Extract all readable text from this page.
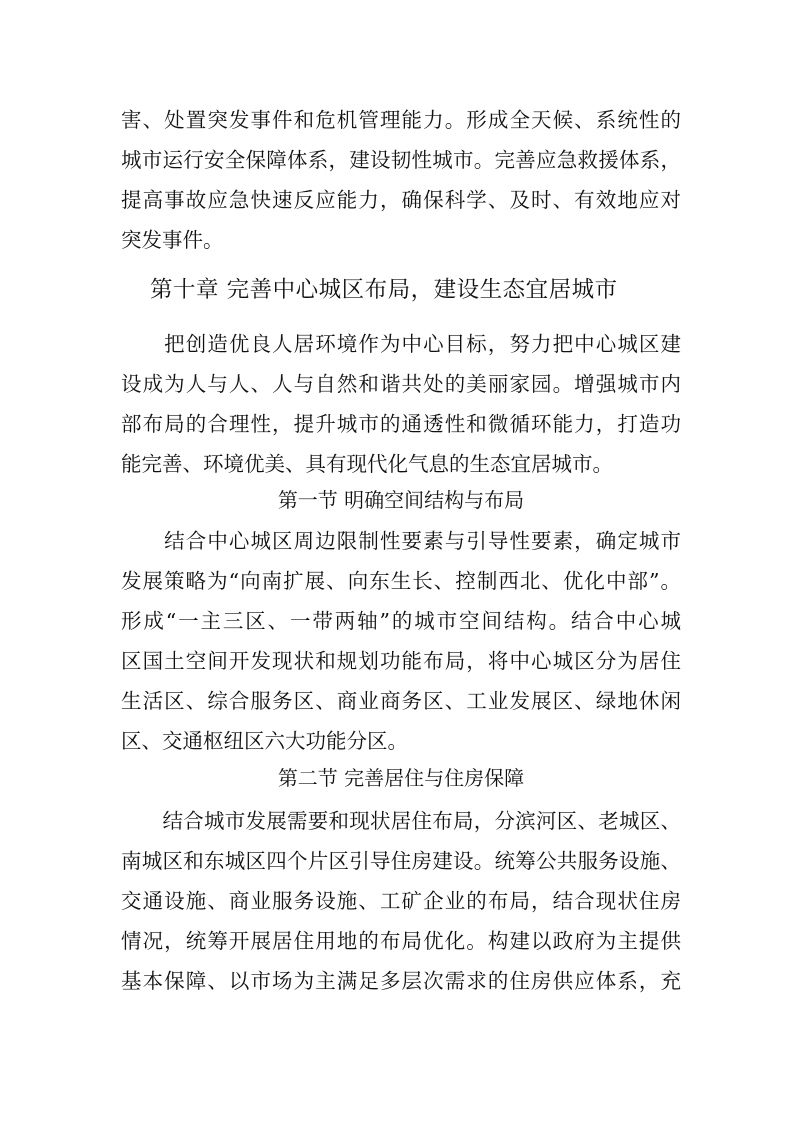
害、处置突发事件和危机管理能力。形成全天候、系统性的
城市运行安全保障体系，建设韧性城市。完善应急救援体系，
提高事故应急快速反应能力，确保科学、及时、有效地应对
突发事件。
第十章 完善中心城区布局，建设生态宜居城市
　　把创造优良人居环境作为中心目标，努力把中心城区建
设成为人与人、人与自然和谐共处的美丽家园。增强城市内
部布局的合理性，提升城市的通透性和微循环能力，打造功
能完善、环境优美、具有现代化气息的生态宜居城市。
第一节 明确空间结构与布局
　　结合中心城区周边限制性要素与引导性要素，确定城市
发展策略为“向南扩展、向东生长、控制西北、优化中部”。
形成“一主三区、一带两轴”的城市空间结构。结合中心城
区国土空间开发现状和规划功能布局，将中心城区分为居住
生活区、综合服务区、商业商务区、工业发展区、绿地休闲
区、交通枢纽区六大功能分区。
第二节 完善居住与住房保障
　　结合城市发展需要和现状居住布局，分滨河区、老城区、
南城区和东城区四个片区引导住房建设。统筹公共服务设施、
交通设施、商业服务设施、工矿企业的布局，结合现状住房
情况，统筹开展居住用地的布局优化。构建以政府为主提供
基本保障、以市场为主满足多层次需求的住房供应体系，充
